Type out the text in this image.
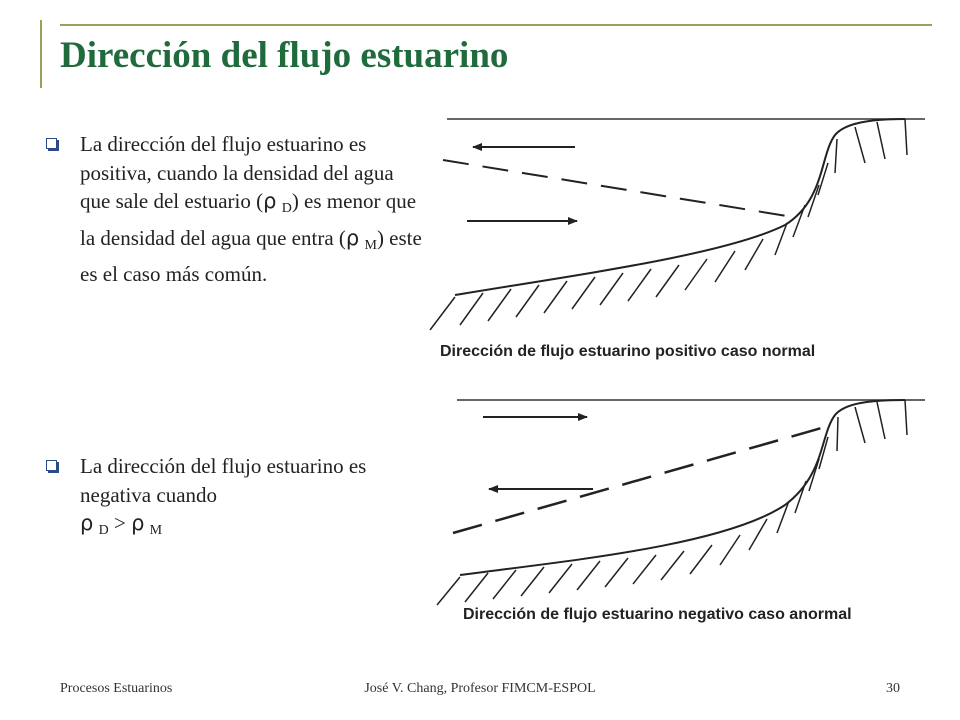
Dirección del flujo estuarino
La dirección del flujo estuarino es positiva, cuando la densidad del agua que sale del estuario (ρ $_D$) es menor que la densidad del agua que entra (ρ $_M$) este es el caso más común.
La dirección del flujo estuarino es negativa cuando
ρ $_D$ > ρ $_M$
Dirección de flujo estuarino positivo caso normal
Dirección de flujo estuarino negativo caso anormal
Procesos Estuarinos	José V. Chang, Profesor FIMCM-ESPOL	30
